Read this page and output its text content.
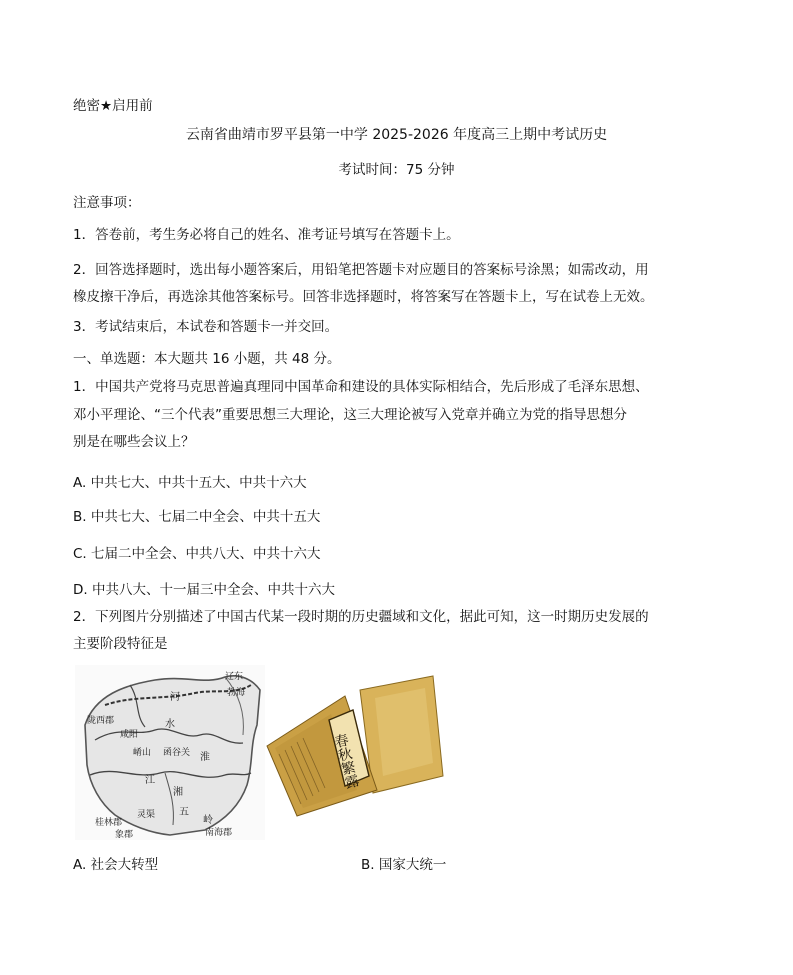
绝密★启用前
云南省曲靖市罗平县第一中学 2025-2026 年度高三上期中考试历史
考试时间：75 分钟
注意事项：
1．答卷前，考生务必将自己的姓名、准考证号填写在答题卡上。
2．回答选择题时，选出每小题答案后，用铅笔把答题卡对应题目的答案标号涂黑；如需改动，用
橡皮擦干净后，再选涂其他答案标号。回答非选择题时，将答案写在答题卡上，写在试卷上无效。
3．考试结束后，本试卷和答题卡一并交回。
一、单选题：本大题共 16 小题，共 48 分。
1．中国共产党将马克思普遍真理同中国革命和建设的具体实际相结合，先后形成了毛泽东思想、
邓小平理论、“三个代表”重要思想三大理论，这三大理论被写入党章并确立为党的指导思想分
别是在哪些会议上？
A. 中共七大、中共十五大、中共十六大
B. 中共七大、七届二中全会、中共十五大
C. 七届二中全会、中共八大、中共十六大
D. 中共八大、十一届三中全会、中共十六大
2．下列图片分别描述了中国古代某一段时期的历史疆域和文化，据此可知，这一时期历史发展的
主要阶段特征是
辽东
勃海
陇西郡
咸阳
河
水
崤山 函谷关 淮
江
湘
五
岭
灵渠
桂林郡
南海郡
象郡
春秋繁露
A. 社会大转型	B. 国家大统一
